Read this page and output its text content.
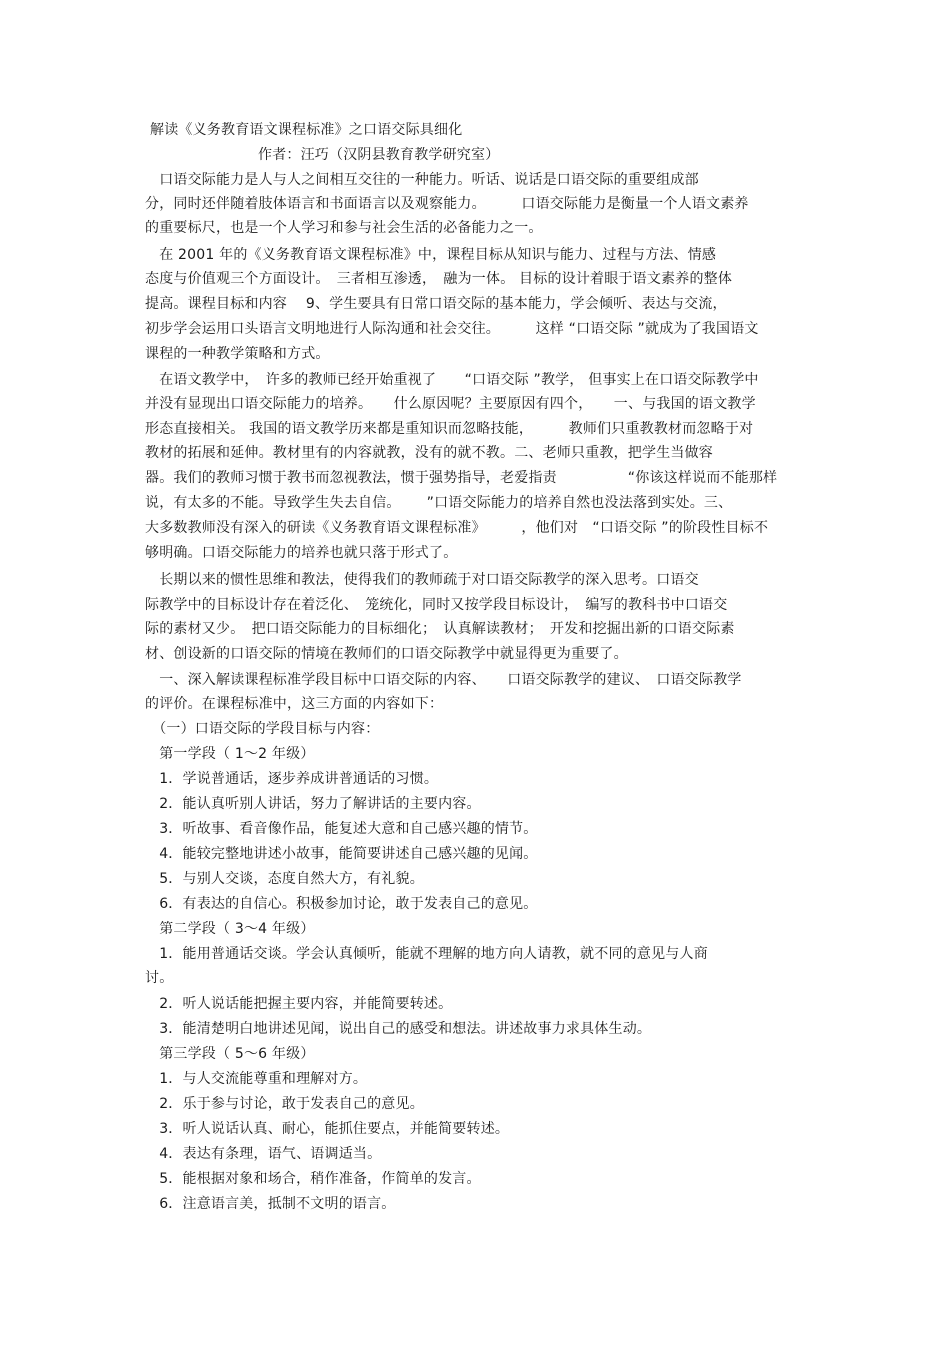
解读《义务教育语文课程标准》之口语交际具细化
作者：汪巧（汉阴县教育教学研究室）
　口语交际能力是人与人之间相互交往的一种能力。听话、说话是口语交际的重要组成部
分，同时还伴随着肢体语言和书面语言以及观察能力。　　　口语交际能力是衡量一个人语文素养
的重要标尺，也是一个人学习和参与社会生活的必备能力之一。
　在 2001 年的《义务教育语文课程标准》中，课程目标从知识与能力、过程与方法、情感
态度与价值观三个方面设计。　三者相互渗透，　融为一体。 目标的设计着眼于语文素养的整体
提高。课程目标和内容　 9、学生要具有日常口语交际的基本能力，学会倾听、表达与交流，
初步学会运用口头语言文明地进行人际沟通和社会交往。　　　这样 “口语交际 ”就成为了我国语文
课程的一种教学策略和方式。
　在语文教学中，　许多的教师已经开始重视了　　“口语交际 ”教学， 但事实上在口语交际教学中
并没有显现出口语交际能力的培养。　　什么原因呢？主要原因有四个，　　一、与我国的语文教学
形态直接相关。 我国的语文教学历来都是重知识而忽略技能，　　　教师们只重教教材而忽略于对
教材的拓展和延伸。教材里有的内容就教，没有的就不教。二、老师只重教，把学生当做容
器。我们的教师习惯于教书而忽视教法，惯于强势指导，老爱指责　　　　　“你该这样说而不能那样
说，有太多的不能。导致学生失去自信。　　 ”口语交际能力的培养自然也没法落到实处。三、
大多数教师没有深入的研读《义务教育语文课程标准》　　　，他们对　“口语交际 ”的阶段性目标不
够明确。口语交际能力的培养也就只落于形式了。
　长期以来的惯性思维和教法，使得我们的教师疏于对口语交际教学的深入思考。口语交
际教学中的目标设计存在着泛化、　笼统化，同时又按学段目标设计，　编写的教科书中口语交
际的素材又少。　把口语交际能力的目标细化；　认真解读教材；　开发和挖掘出新的口语交际素
材、创设新的口语交际的情境在教师们的口语交际教学中就显得更为重要了。
　一、深入解读课程标准学段目标中口语交际的内容、　　口语交际教学的建议、　口语交际教学
的评价。在课程标准中，这三方面的内容如下：
　（一）口语交际的学段目标与内容：
　第一学段（ 1～2 年级）
　1．学说普通话，逐步养成讲普通话的习惯。
　2．能认真听别人讲话，努力了解讲话的主要内容。
　3．听故事、看音像作品，能复述大意和自己感兴趣的情节。
　4．能较完整地讲述小故事，能简要讲述自己感兴趣的见闻。
　5．与别人交谈，态度自然大方，有礼貌。
　6．有表达的自信心。积极参加讨论，敢于发表自己的意见。
　第二学段（ 3～4 年级）
　1．能用普通话交谈。学会认真倾听，能就不理解的地方向人请教，就不同的意见与人商
讨。
　2．听人说话能把握主要内容，并能简要转述。
　3．能清楚明白地讲述见闻，说出自己的感受和想法。讲述故事力求具体生动。
　第三学段（ 5～6 年级）
　1．与人交流能尊重和理解对方。
　2．乐于参与讨论，敢于发表自己的意见。
　3．听人说话认真、耐心，能抓住要点，并能简要转述。
　4．表达有条理，语气、语调适当。
　5．能根据对象和场合，稍作准备，作简单的发言。
　6．注意语言美，抵制不文明的语言。
